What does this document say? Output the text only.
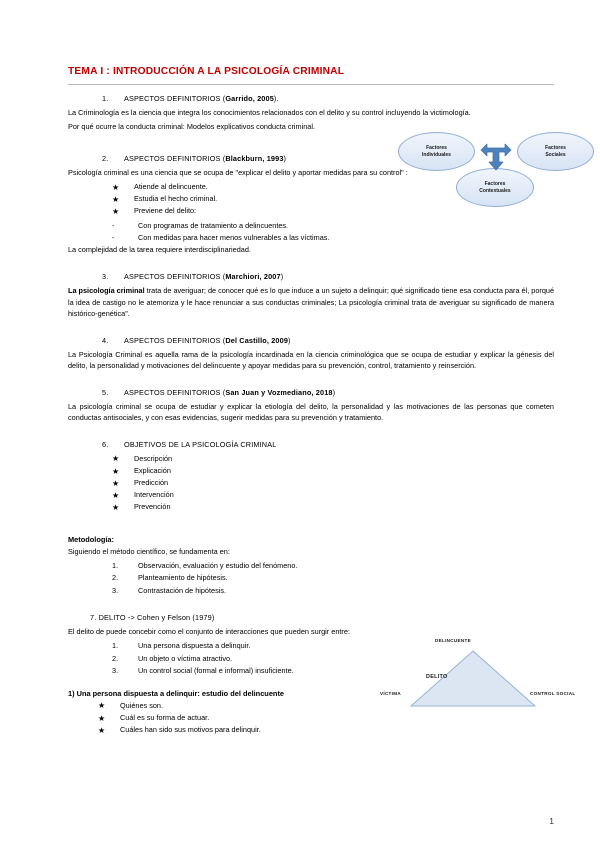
TEMA I : INTRODUCCIÓN A LA PSICOLOGÍA CRIMINAL
1. ASPECTOS DEFINITORIOS (Garrido, 2005).

La Criminología es la ciencia que integra los conocimientos relacionados con el delito y su control incluyendo la victimología.

Por qué ocurre la conducta criminal: Modelos explicativos conducta criminal.

2. ASPECTOS DEFINITORIOS (Blackburn, 1993)

Psicología criminal es una ciencia que se ocupa de "explicar el delito y aportar medidas para su control" :

★ Atiende al delincuente.
★ Estudia el hecho criminal.
★ Previene del delito:
-	Con programas de tratamiento a delincuentes.
-	Con medidas para hacer menos vulnerables a las víctimas.

La complejidad de la tarea requiere interdisciplinariedad.

3. ASPECTOS DEFINITORIOS (Marchiori, 2007)

La psicología criminal trata de averiguar; de conocer qué es lo que induce a un sujeto a delinquir; qué significado tiene esa conducta para él, porqué la idea de castigo no le atemoriza y le hace renunciar a sus conductas criminales; La psicología criminal trata de averiguar su significado de manera histórico-genética".

4. ASPECTOS DEFINITORIOS (Del Castillo, 2009)

La Psicología Criminal es aquella rama de la psicología incardinada en la ciencia criminológica que se ocupa de estudiar y explicar la génesis del delito, la personalidad y motivaciones del delincuente y apoyar medidas para su prevención, control, tratamiento y reinserción.

5. ASPECTOS DEFINITORIOS (San Juan y Vozmediano, 2018)

La psicología criminal se ocupa de estudiar y explicar la etiología del delito, la personalidad y las motivaciones de las personas que cometen conductas antisociales, y con esas evidencias, sugerir medidas para su prevención y tratamiento.

6. OBJETIVOS DE LA PSICOLOGÍA CRIMINAL
★ Descripción
★ Explicación
★ Predicción
★ Intervención
★ Prevención
Metodología:

Siguiendo el método científico, se fundamenta en:

Observación, evaluación y estudio del fenómeno.
Planteamiento de hipótesis.
Contrastación de hipótesis.
7. DELITO -> Cohen y Felson (1979)

El delito de puede concebir como el conjunto de interacciones que pueden surgir entre:

Una persona dispuesta a delinquir.
Un objeto o víctima atractivo.
Un control social (formal e informal) insuficiente.
1) Una persona dispuesta a delinquir: estudio del delincuente
★ Quiénes son.
★ Cuál es su forma de actuar.
★ Cuáles han sido sus motivos para delinquir.
Factores
Individuales
Factores
Sociales
Factores
Contextuales
DELINCUENTE
VÍCTIMA	CONTROL SOCIAL
DELITO
1
